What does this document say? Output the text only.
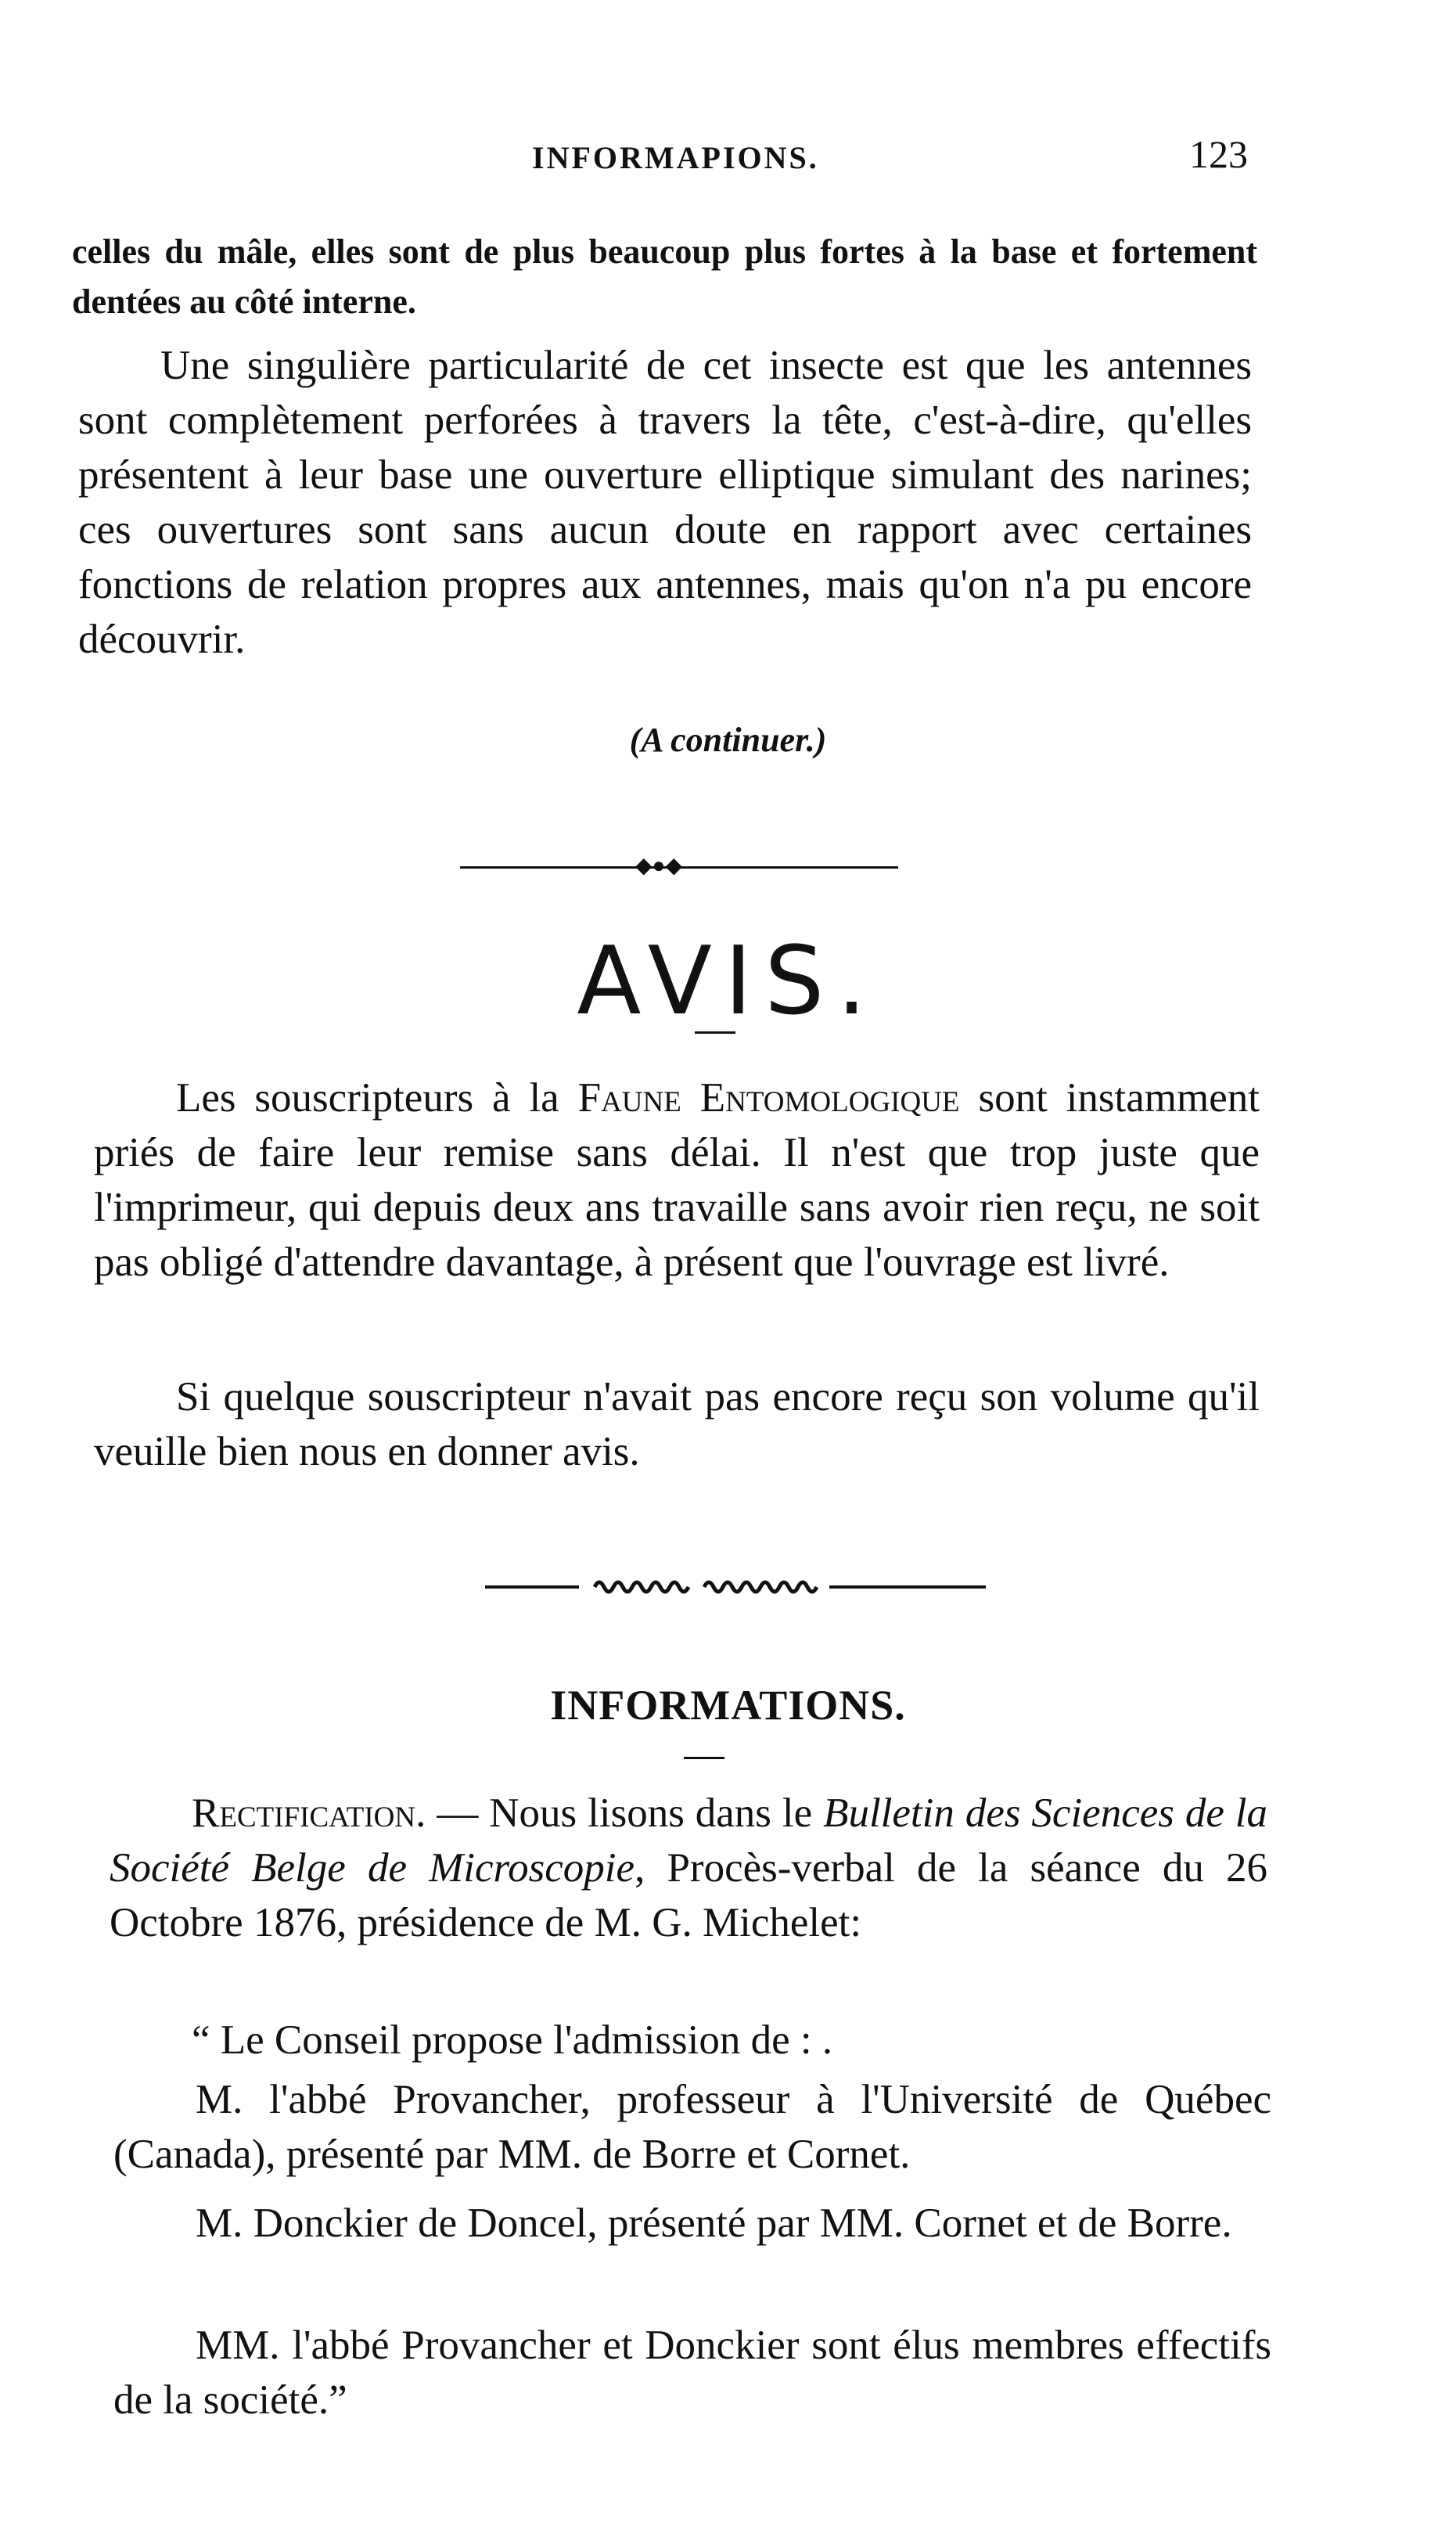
INFORMAPIONS.	123

celles du mâle, elles sont de plus beaucoup plus fortes à la base et fortement dentées au côté interne.

Une singulière particularité de cet insecte est que les antennes sont complètement perforées à travers la tête, c'est-à-dire, qu'elles présentent à leur base une ouverture elliptique simulant des narines; ces ouvertures sont sans aucun doute en rapport avec certaines fonctions de relation propres aux antennes, mais qu'on n'a pu encore découvrir.

(A continuer.)
◆●◆
AVIS.

Les souscripteurs à la Faune Entomologique sont instamment priés de faire leur remise sans délai. Il n'est que trop juste que l'imprimeur, qui depuis deux ans travaille sans avoir rien reçu, ne soit pas obligé d'attendre davantage, à présent que l'ouvrage est livré.

Si quelque souscripteur n'avait pas encore reçu son volume qu'il veuille bien nous en donner avis.

INFORMATIONS.

Rectification. — Nous lisons dans le Bulletin des Sciences de la Société Belge de Microscopie, Procès-verbal de la séance du 26 Octobre 1876, présidence de M. G. Michelet:

“ Le Conseil propose l'admission de : .

M. l'abbé Provancher, professeur à l'Université de Québec (Canada), présenté par MM. de Borre et Cornet.

M. Donckier de Doncel, présenté par MM. Cornet et de Borre.

MM. l'abbé Provancher et Donckier sont élus membres effectifs de la société.”
